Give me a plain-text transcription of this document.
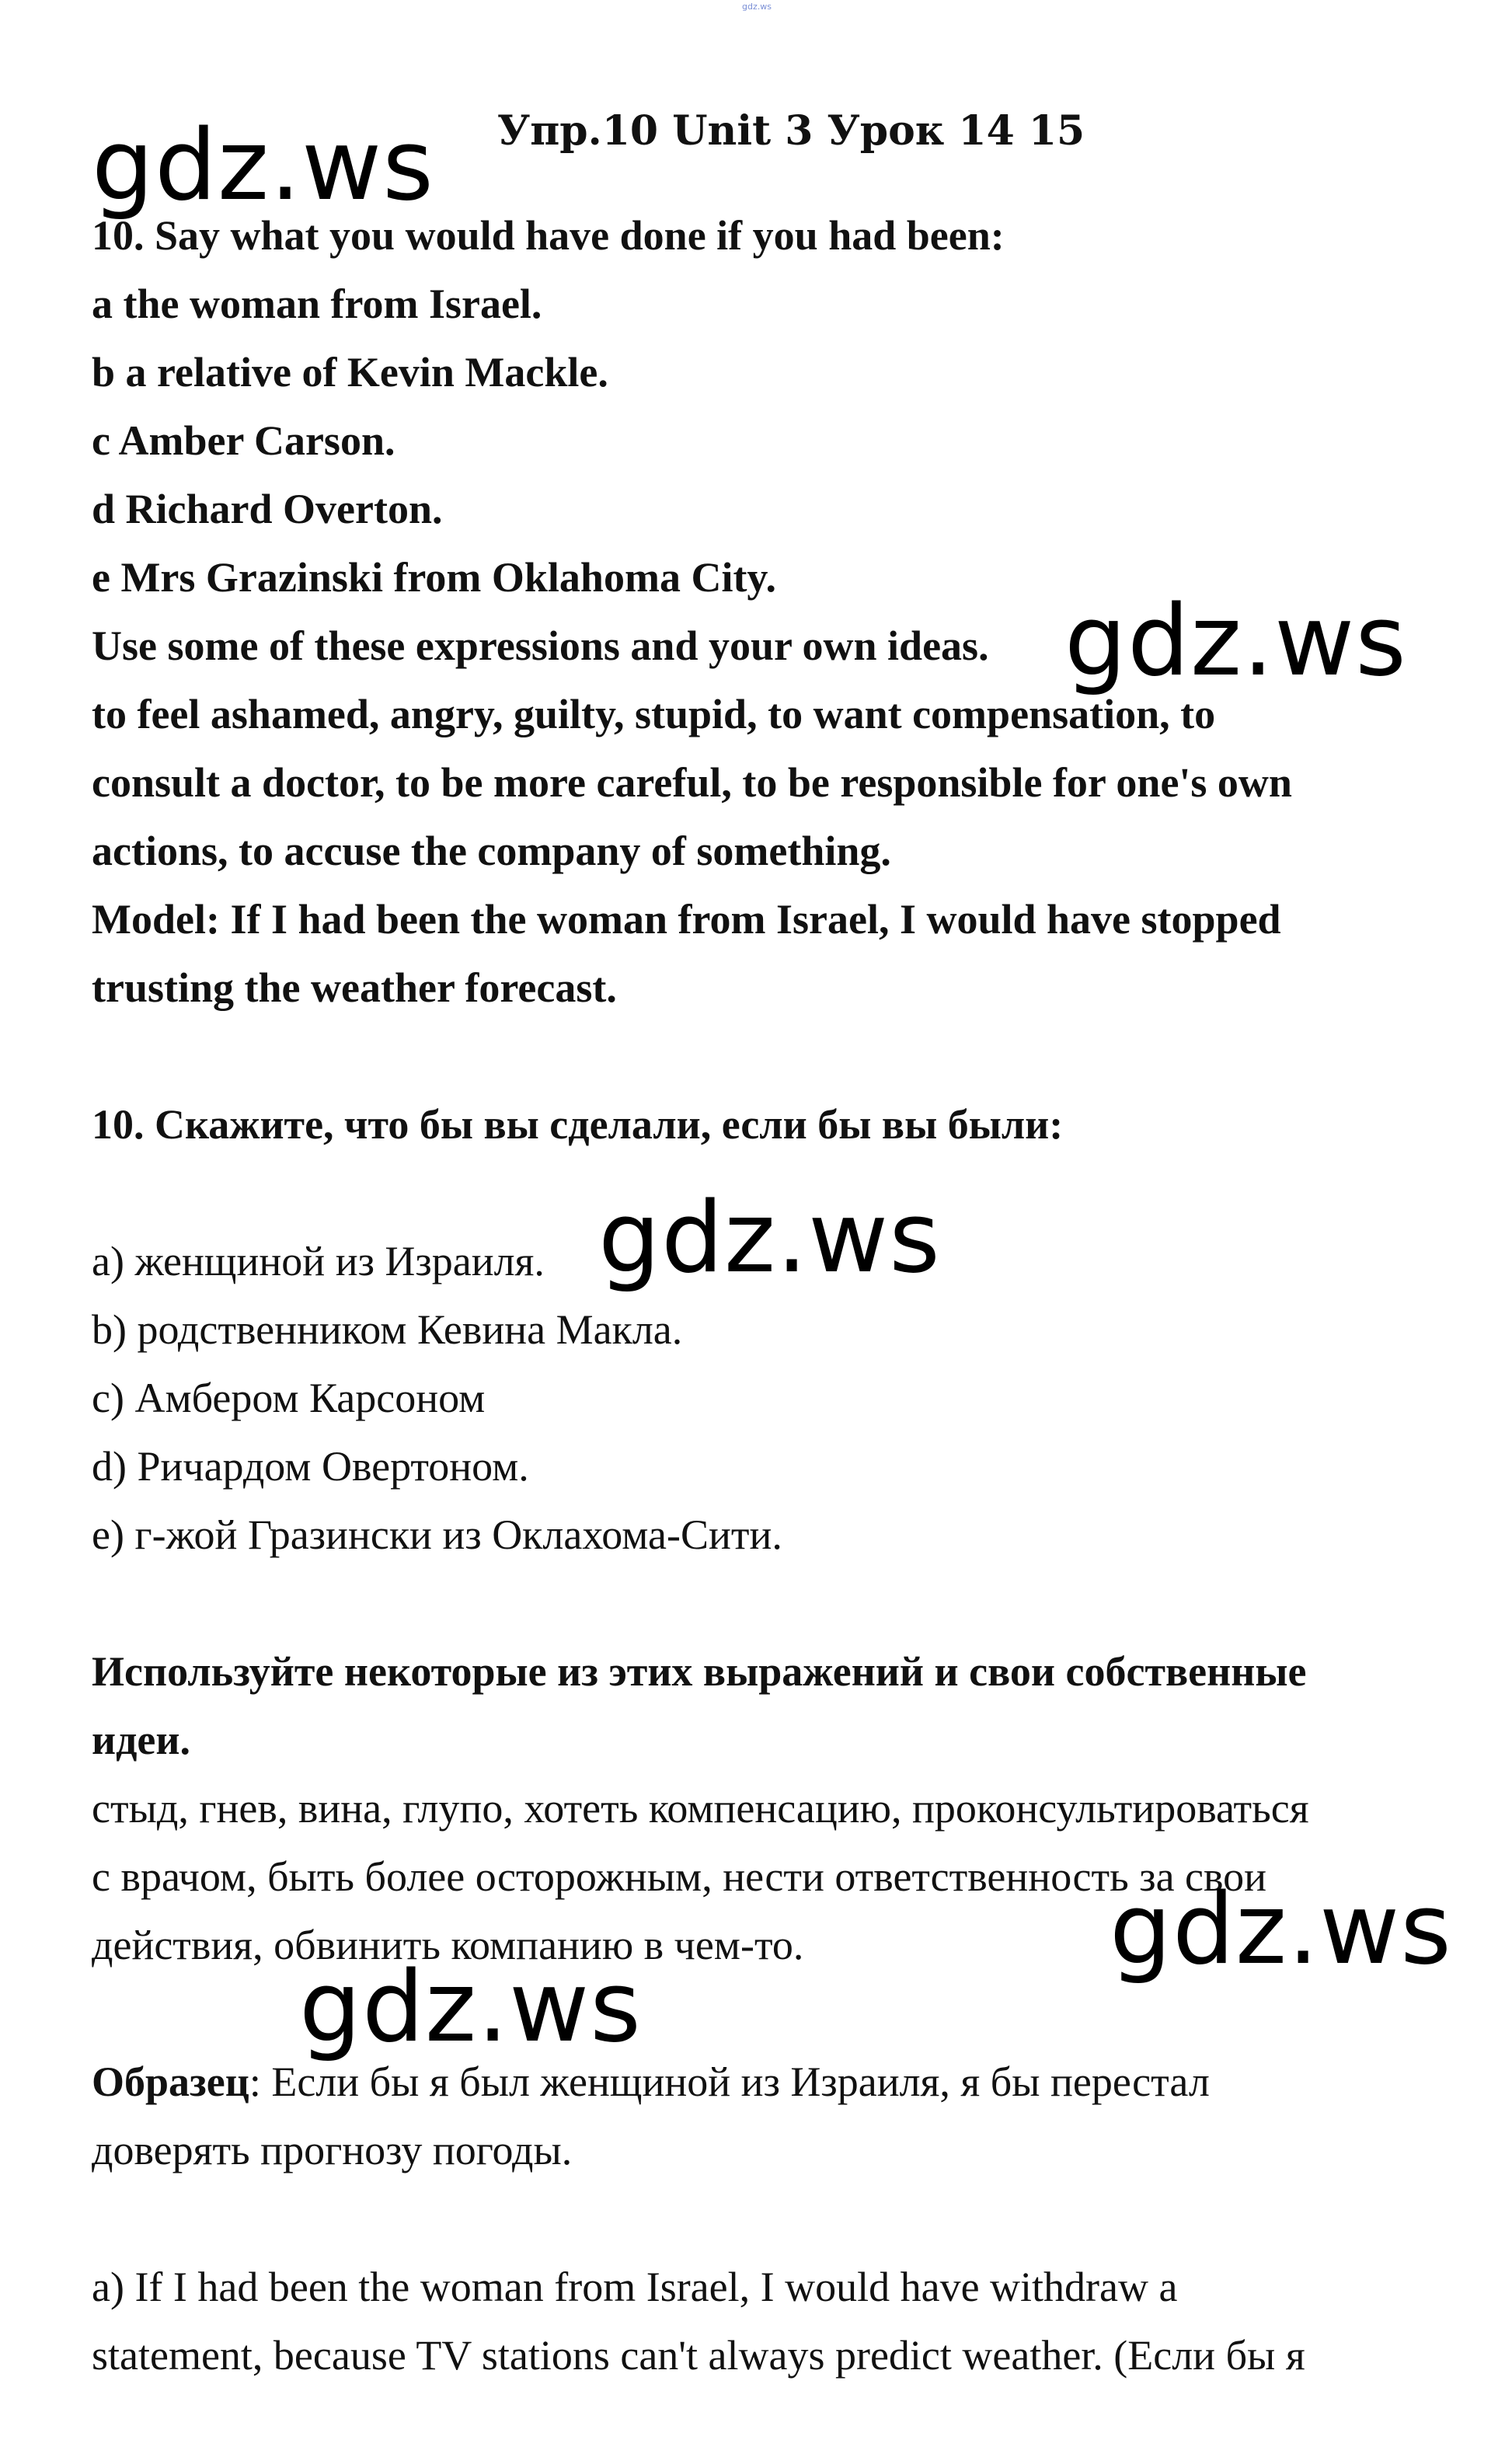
gdz.ws
gdz.ws Упр.10 Unit 3 Урок 14 15
10. Say what you would have done if you had been:
a the woman from Israel.
b a relative of Kevin Mackle.
c Amber Carson.
d Richard Overton.
e Mrs Grazinski from Oklahoma City.
Use some of these expressions and your own ideas. gdz.ws
to feel ashamed, angry, guilty, stupid, to want compensation, to
consult a doctor, to be more careful, to be responsible for one's own
actions, to accuse the company of something.
Model: If I had been the woman from Israel, I would have stopped
trusting the weather forecast.
10. Скажите, что бы вы сделали, если бы вы были:
a) женщиной из Израиля. gdz.ws
b) родственником Кевина Макла.
c) Амбером Карсоном
d) Ричардом Овертоном.
e) г-жой Гразински из Оклахома-Сити.
Используйте некоторые из этих выражений и свои собственные
идеи.
стыд, гнев, вина, глупо, хотеть компенсацию, проконсультироваться
с врачом, быть более осторожным, нести ответственность за свои
действия, обвинить компанию в чем-то.	gdz.ws
gdz.ws
Образец: Если бы я был женщиной из Израиля, я бы перестал
доверять прогнозу погоды.
a) If I had been the woman from Israel, I would have withdraw a
statement, because TV stations can't always predict weather. (Если бы я
